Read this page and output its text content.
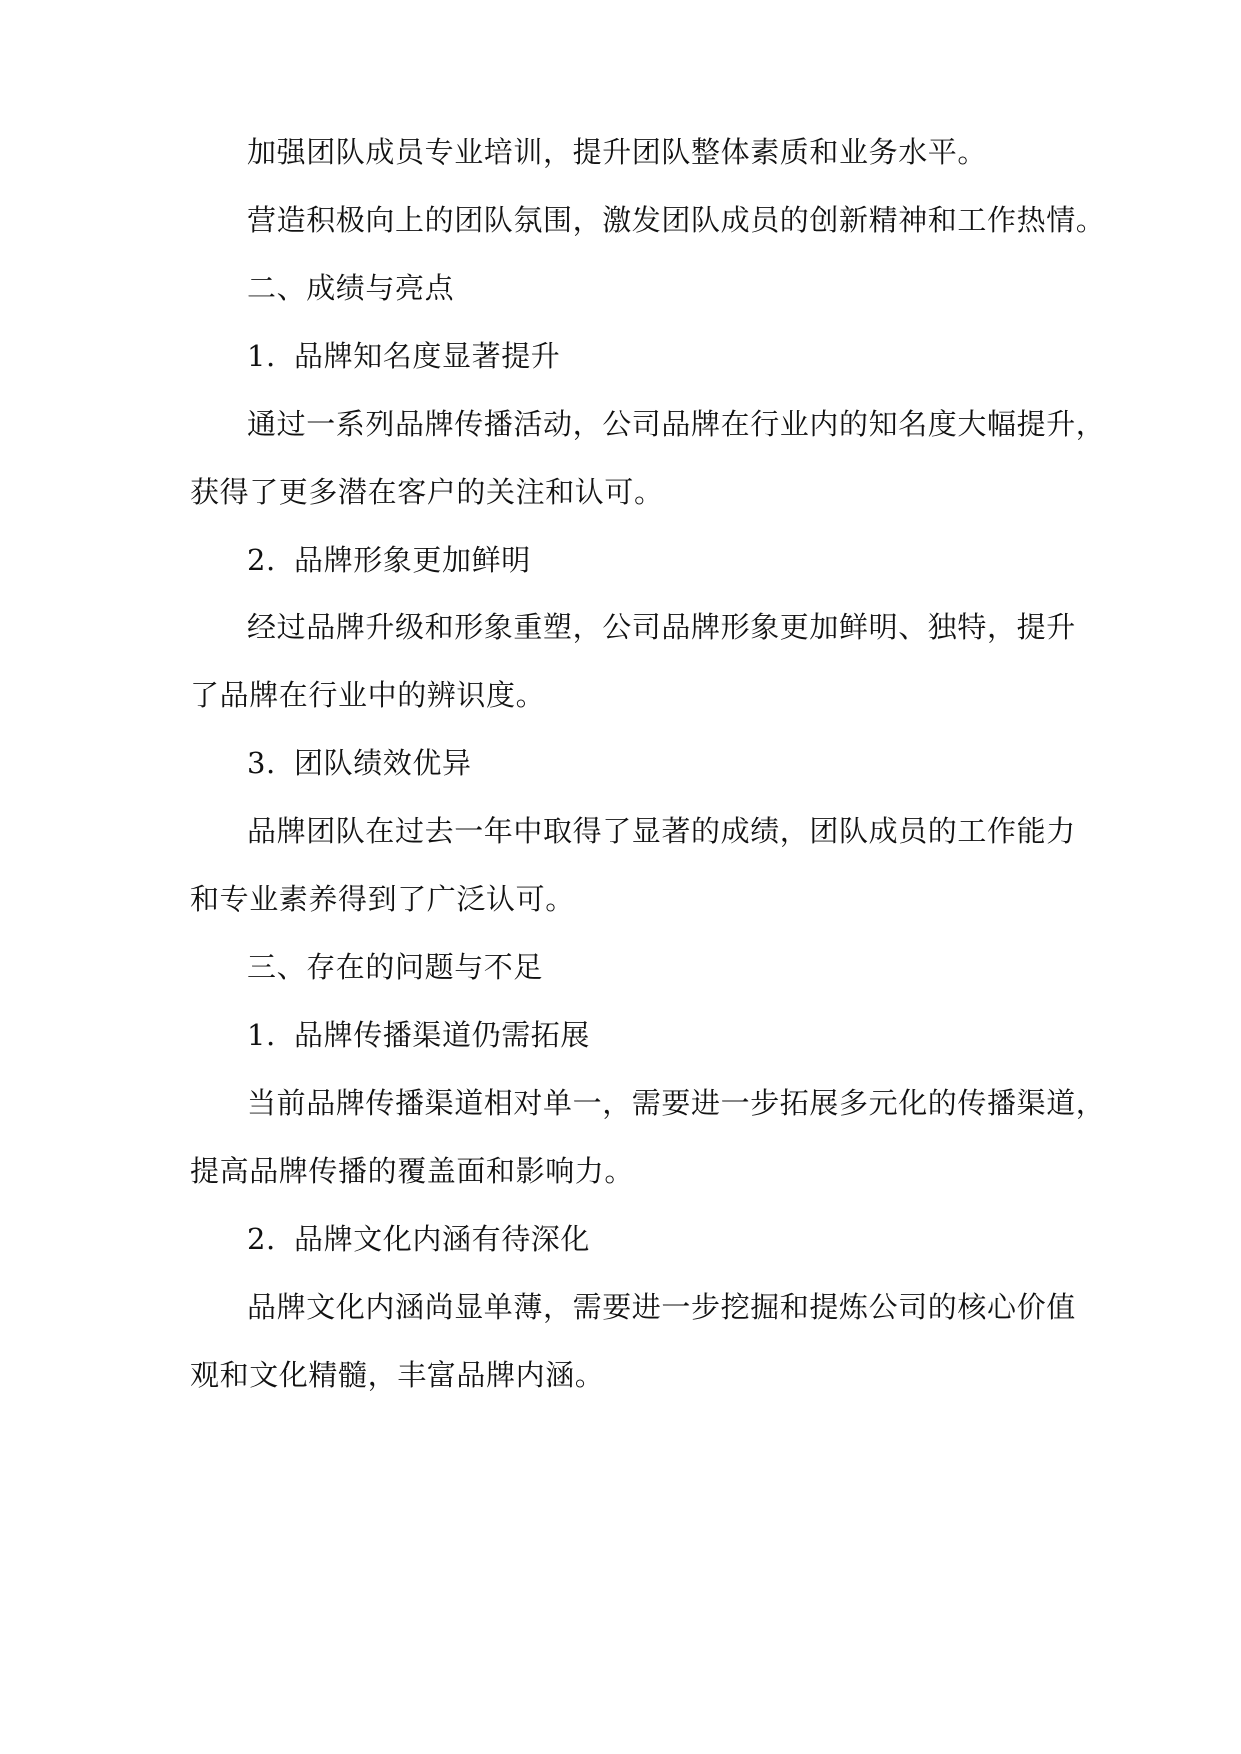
加强团队成员专业培训，提升团队整体素质和业务水平。
营造积极向上的团队氛围，激发团队成员的创新精神和工作热情。
二、成绩与亮点
1. 品牌知名度显著提升
通过一系列品牌传播活动，公司品牌在行业内的知名度大幅提升，
获得了更多潜在客户的关注和认可。
2. 品牌形象更加鲜明
经过品牌升级和形象重塑，公司品牌形象更加鲜明、独特，提升
了品牌在行业中的辨识度。
3. 团队绩效优异
品牌团队在过去一年中取得了显著的成绩，团队成员的工作能力
和专业素养得到了广泛认可。
三、存在的问题与不足
1. 品牌传播渠道仍需拓展
当前品牌传播渠道相对单一，需要进一步拓展多元化的传播渠道，
提高品牌传播的覆盖面和影响力。
2. 品牌文化内涵有待深化
品牌文化内涵尚显单薄，需要进一步挖掘和提炼公司的核心价值
观和文化精髓，丰富品牌内涵。
